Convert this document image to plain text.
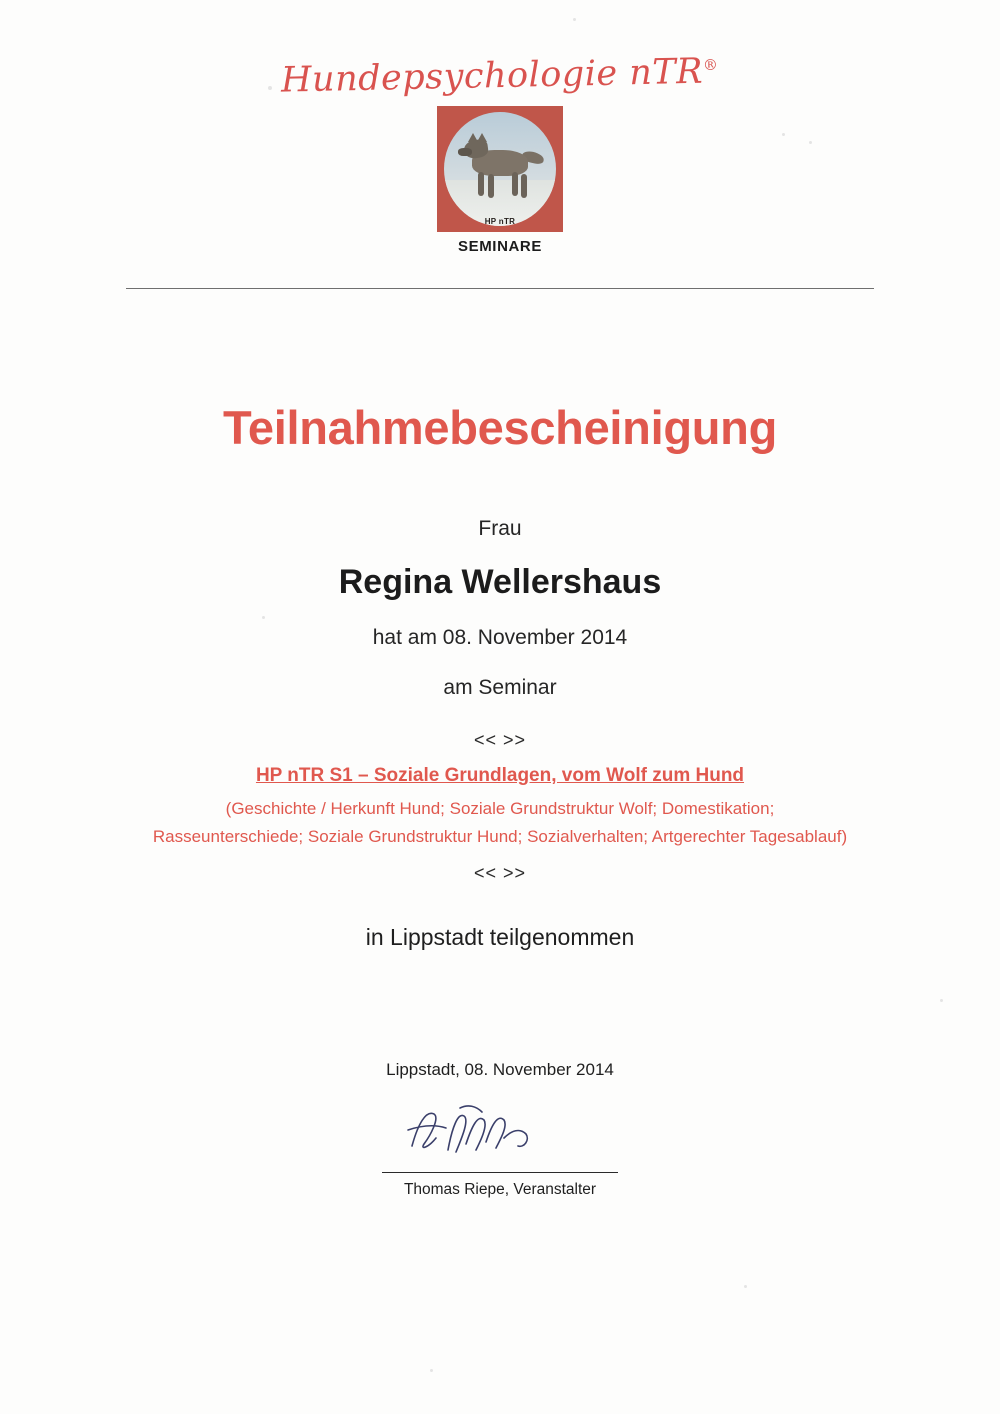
Hundepsychologie nTR®
HP nTR
SEMINARE
Teilnahmebescheinigung
Frau
Regina Wellershaus
hat am 08. November 2014
am Seminar
<< >>
HP nTR S1 – Soziale Grundlagen, vom Wolf zum Hund
(Geschichte / Herkunft Hund; Soziale Grundstruktur Wolf; Domestikation;
Rasseunterschiede; Soziale Grundstruktur Hund; Sozialverhalten; Artgerechter Tagesablauf)
<< >>
in Lippstadt teilgenommen
Lippstadt, 08. November 2014
Thomas Riepe, Veranstalter
